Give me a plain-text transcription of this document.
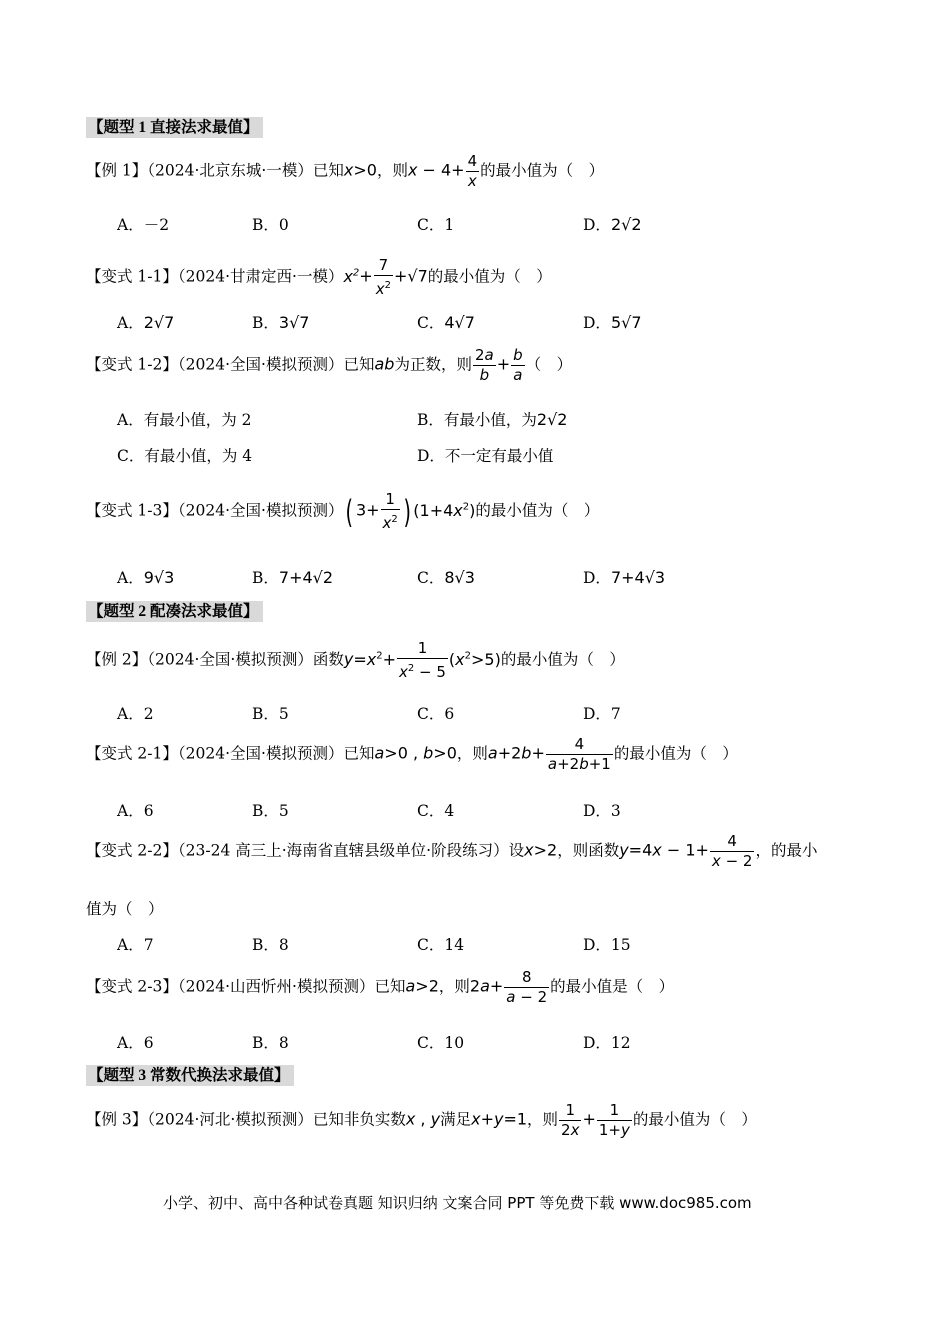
【题型 1 直接法求最值】
【例 1】（2024·北京东城·一模）已知x>0，则$x - 4+ \frac{4}{x}$ 的最小值为（　）
A．－2	B．0	C．1	D．2√2
【变式 1-1】（2024·甘肃定西·一模）$x^2+ \frac{7}{x^2} +√7$的最小值为（　）
A．2√7	B．3√7	C．4√7	D．5√7
【变式 1-2】（2024·全国·模拟预测）已知ab为正数，则 $\frac{2a}{b} + \frac{b}{a}$ （　）
A．有最小值，为 2	B．有最小值，为2√2
C．有最小值，为 4	D．不一定有最小值
【变式 1-3】（2024·全国·模拟预测）( $3+ \frac{1}{x^2}$ ) $(1+4x^2)$的最小值为（　）
A．9√3	B．7+4√2	C．8√3	D．7+4√3
【题型 2 配凑法求最值】
【例 2】（2024·全国·模拟预测）函数$y=x^2+ \frac{1}{x^2 - 5} (x^2>5)$的最小值为（　）
A．2	B．5	C．6	D．7
【变式 2-1】（2024·全国·模拟预测）已知a>0 , b>0，则$a+2b+ \frac{4}{a+2b+1}$ 的最小值为（　）
A．6	B．5	C．4	D．3
【变式 2-2】（23-24 高三上·海南省直辖县级单位·阶段练习）设x>2，则函数$y=4x - 1+ \frac{4}{x - 2}$ ，的最小
值为（　）
A．7	B．8	C．14	D．15
【变式 2-3】（2024·山西忻州·模拟预测）已知a>2，则$2a+ \frac{8}{a - 2}$ 的最小值是（　）
A．6	B．8	C．10	D．12
【题型 3 常数代换法求最值】
【例 3】（2024·河北·模拟预测）已知非负实数x , y满足x+y=1，则 $\frac{1}{2x} + \frac{1}{1+y}$ 的最小值为（　）
小学、初中、高中各种试卷真题 知识归纳 文案合同 PPT 等免费下载 www.doc985.com
